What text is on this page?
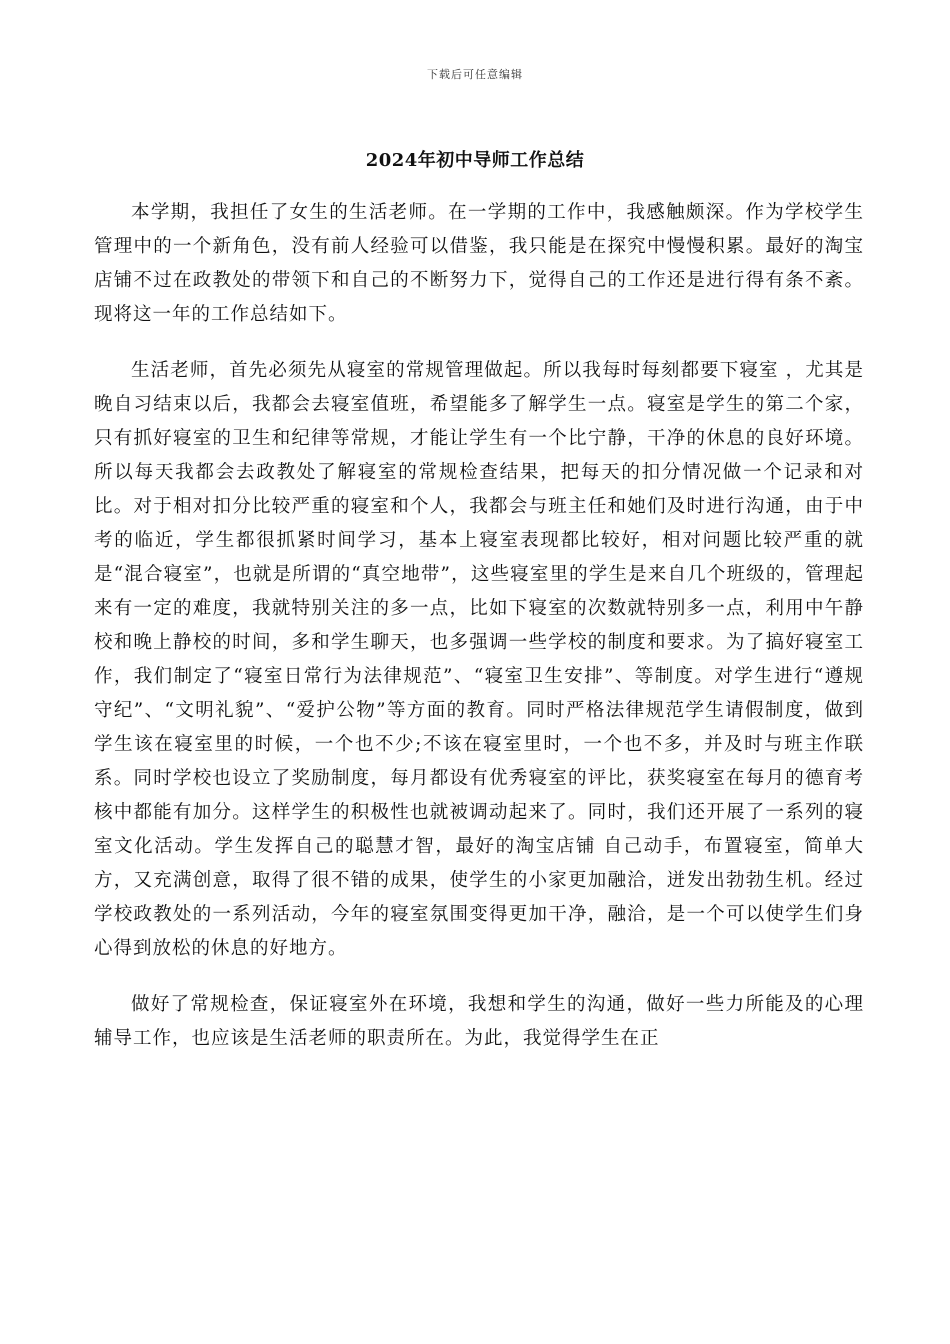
下载后可任意编辑
2024年初中导师工作总结

本学期，我担任了女生的生活老师。在一学期的工作中，我感触颇深。作为学校学生管理中的一个新角色，没有前人经验可以借鉴，我只能是在探究中慢慢积累。最好的淘宝店铺不过在政教处的带领下和自己的不断努力下，觉得自己的工作还是进行得有条不紊。现将这一年的工作总结如下。

生活老师，首先必须先从寝室的常规管理做起。所以我每时每刻都要下寝室 ，尤其是晚自习结束以后，我都会去寝室值班，希望能多了解学生一点。寝室是学生的第二个家，只有抓好寝室的卫生和纪律等常规，才能让学生有一个比宁静，干净的休息的良好环境。所以每天我都会去政教处了解寝室的常规检查结果，把每天的扣分情况做一个记录和对比。对于相对扣分比较严重的寝室和个人，我都会与班主任和她们及时进行沟通，由于中考的临近，学生都很抓紧时间学习，基本上寝室表现都比较好，相对问题比较严重的就是“混合寝室”，也就是所谓的“真空地带”，这些寝室里的学生是来自几个班级的，管理起来有一定的难度，我就特别关注的多一点，比如下寝室的次数就特别多一点，利用中午静校和晚上静校的时间，多和学生聊天，也多强调一些学校的制度和要求。为了搞好寝室工作，我们制定了“寝室日常行为法律规范”、“寝室卫生安排”、等制度。对学生进行“遵规守纪”、“文明礼貌”、“爱护公物”等方面的教育。同时严格法律规范学生请假制度，做到学生该在寝室里的时候，一个也不少;不该在寝室里时，一个也不多，并及时与班主作联系。同时学校也设立了奖励制度，每月都设有优秀寝室的评比，获奖寝室在每月的德育考核中都能有加分。这样学生的积极性也就被调动起来了。同时，我们还开展了一系列的寝室文化活动。学生发挥自己的聪慧才智，最好的淘宝店铺 自己动手，布置寝室，简单大方，又充满创意，取得了很不错的成果，使学生的小家更加融洽，迸发出勃勃生机。经过学校政教处的一系列活动，今年的寝室氛围变得更加干净，融洽，是一个可以使学生们身心得到放松的休息的好地方。

做好了常规检查，保证寝室外在环境，我想和学生的沟通，做好一些力所能及的心理辅导工作，也应该是生活老师的职责所在。为此，我觉得学生在正
